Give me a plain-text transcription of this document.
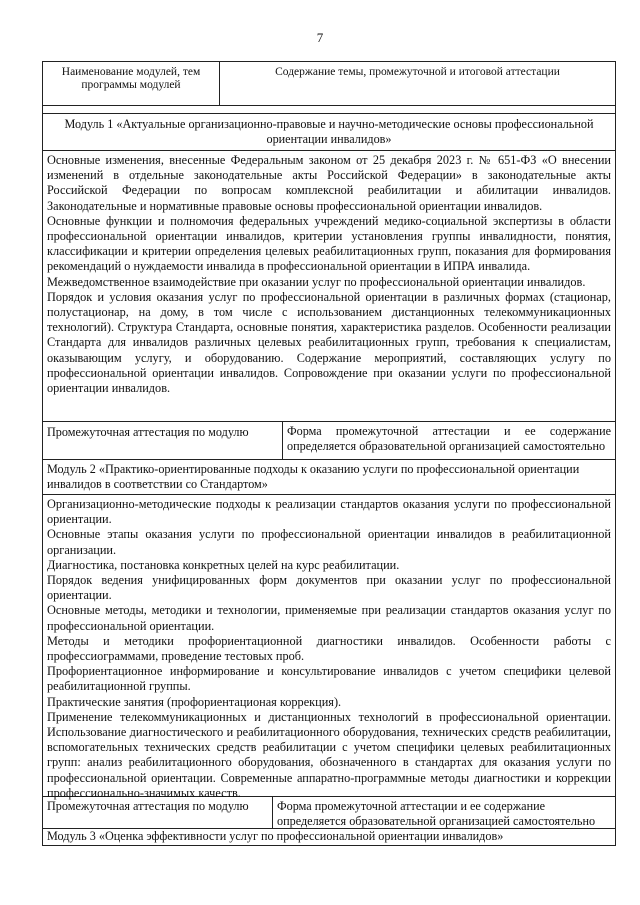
7
Наименование модулей, тем программы модулей
Содержание темы, промежуточной и итоговой аттестации
Модуль 1 «Актуальные организационно-правовые и научно-методические основы профессиональной ориентации инвалидов»

Основные изменения, внесенные Федеральным законом от 25 декабря 2023 г. № 651-ФЗ «О внесении изменений в отдельные законодательные акты Российской Федерации» в законодательные акты Российской Федерации по вопросам комплексной реабилитации и абилитации инвалидов. Законодательные и нормативные правовые основы профессиональной ориентации инвалидов.

Основные функции и полномочия федеральных учреждений медико-социальной экспертизы в области профессиональной ориентации инвалидов, критерии установления группы инвалидности, понятия, классификации и критерии определения целевых реабилитационных групп, показания для формирования рекомендаций о нуждаемости инвалида в профессиональной ориентации в ИПРА инвалида.

Межведомственное взаимодействие при оказании услуг по профессиональной ориентации инвалидов.

Порядок и условия оказания услуг по профессиональной ориентации в различных формах (стационар, полустационар, на дому, в том числе с использованием дистанционных телекоммуникационных технологий). Структура Стандарта, основные понятия, характеристика разделов. Особенности реализации Стандарта для инвалидов различных целевых реабилитационных групп, требования к специалистам, оказывающим услугу, и оборудованию. Содержание мероприятий, составляющих услугу по профессиональной ориентации инвалидов. Сопровождение при оказании услуги по профессиональной ориентации инвалидов.

Промежуточная аттестация по модулю	Форма промежуточной аттестации и ее содержание определяется образовательной организацией самостоятельно
Модуль 2 «Практико-ориентированные подходы к оказанию услуги по профессиональной ориентации инвалидов в соответствии со Стандартом»

Организационно-методические подходы к реализации стандартов оказания услуги по профессиональной ориентации.

Основные этапы оказания услуги по профессиональной ориентации инвалидов в реабилитационной организации.

Диагностика, постановка конкретных целей на курс реабилитации.

Порядок ведения унифицированных форм документов при оказании услуг по профессиональной ориентации.

Основные методы, методики и технологии, применяемые при реализации стандартов оказания услуг по профессиональной ориентации.

Методы и методики профориентационной диагностики инвалидов. Особенности работы с профессиограммами, проведение тестовых проб.

Профориентационное информирование и консультирование инвалидов с учетом специфики целевой реабилитационной группы.

Практические занятия (профориентационая коррекция).

Применение телекоммуникационных и дистанционных технологий в профессиональной ориентации. Использование диагностического и реабилитационного оборудования, технических средств реабилитации, вспомогательных технических средств реабилитации с учетом специфики целевых реабилитационных групп: анализ реабилитационного оборудования, обозначенного в стандартах для оказания услуги по профессиональной ориентации. Современные аппаратно-программные методы диагностики и коррекции профессионально-значимых качеств.

Промежуточная аттестация по модулю	Форма промежуточной аттестации и ее содержание определяется образовательной организацией самостоятельно
Модуль 3 «Оценка эффективности услуг по профессиональной ориентации инвалидов»
